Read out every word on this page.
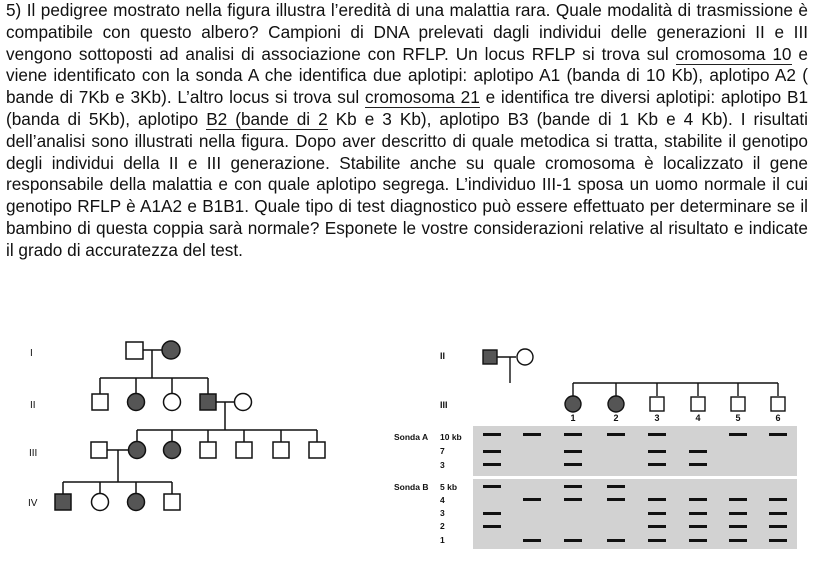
5) Il pedigree mostrato nella figura illustra l’eredità di una malattia rara. Quale modalità di trasmissione è compatibile con questo albero? Campioni di DNA prelevati dagli individui delle generazioni II e III vengono sottoposti ad analisi di associazione con RFLP. Un locus RFLP si trova sul cromosoma 10 e viene identificato con la sonda A che identifica due aplotipi: aplotipo A1 (banda di 10 Kb), aplotipo A2 ( bande di 7Kb e 3Kb). L’altro locus si trova sul cromosoma 21 e identifica tre diversi aplotipi: aplotipo B1 (banda di 5Kb), aplotipo B2 (bande di 2 Kb e 3 Kb), aplotipo B3 (bande di 1 Kb e 4 Kb). I risultati dell’analisi sono illustrati nella figura. Dopo aver descritto di quale metodica si tratta, stabilite il genotipo degli individui della II e III generazione. Stabilite anche su quale cromosoma è localizzato il gene responsabile della malattia e con quale aplotipo segrega. L’individuo III-1 sposa un uomo normale il cui genotipo RFLP è A1A2 e B1B1. Quale tipo di test diagnostico può essere effettuato per determinare se il bambino di questa coppia sarà normale? Esponete le vostre considerazioni relative al risultato e indicate il grado di accuratezza del test.

I
II
III
IV
II
III
1	2	3	4	5	6
Sonda A 10 kb
7
3
Sonda B 5 kb
4
3
2
1
